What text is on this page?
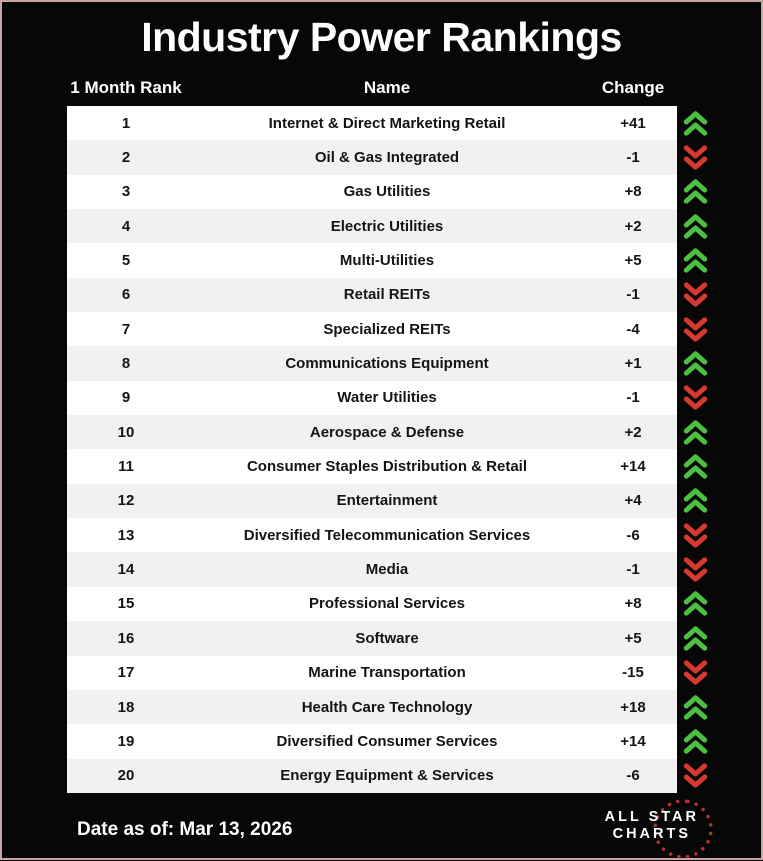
Industry Power Rankings
1 Month Rank	Name	Change
1	Internet & Direct Marketing Retail	+41
2	Oil & Gas Integrated	-1
3	Gas Utilities	+8
4	Electric Utilities	+2
5	Multi-Utilities	+5
6	Retail REITs	-1
7	Specialized REITs	-4
8	Communications Equipment	+1
9	Water Utilities	-1
10	Aerospace & Defense	+2
11	Consumer Staples Distribution & Retail	+14
12	Entertainment	+4
13	Diversified Telecommunication Services	-6
14	Media	-1
15	Professional Services	+8
16	Software	+5
17	Marine Transportation	-15
18	Health Care Technology	+18
19	Diversified Consumer Services	+14
20	Energy Equipment & Services	-6
Date as of: Mar 13, 2026
ALL STAR
CHARTS
